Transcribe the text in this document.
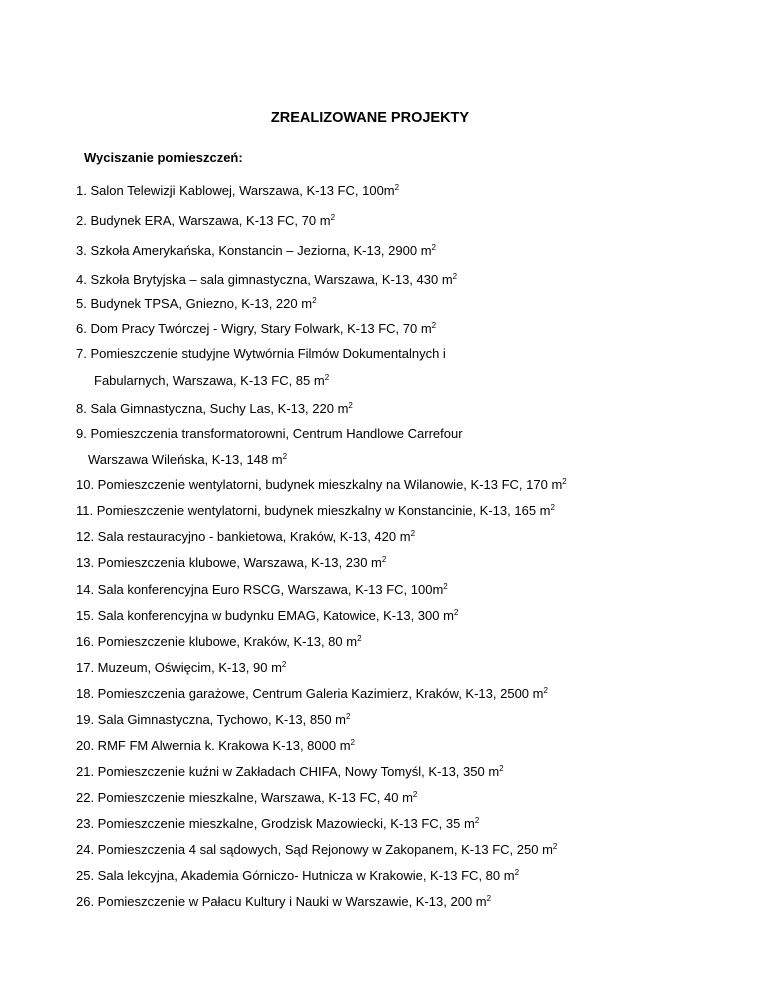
ZREALIZOWANE PROJEKTY
Wyciszanie pomieszczeń:
1. Salon Telewizji Kablowej, Warszawa, K-13 FC, $100m^2$
2. Budynek ERA, Warszawa, K-13 FC, 70 $m^2$
3. Szkoła Amerykańska, Konstancin – Jeziorna, K-13, 2900 $m^2$
4. Szkoła Brytyjska – sala gimnastyczna, Warszawa, K-13, 430 $m^2$
5. Budynek TPSA, Gniezno, K-13, 220 $m^2$
6. Dom Pracy Twórczej - Wigry, Stary Folwark, K-13 FC, 70 $m^2$
7. Pomieszczenie studyjne Wytwórnia Filmów Dokumentalnych i
Fabularnych, Warszawa, K-13 FC, 85 $m^2$
8. Sala Gimnastyczna, Suchy Las, K-13, 220 $m^2$
9. Pomieszczenia transformatorowni, Centrum Handlowe Carrefour
Warszawa Wileńska, K-13, 148 $m^2$
10. Pomieszczenie wentylatorni, budynek mieszkalny na Wilanowie, K-13 FC, 170 $m^2$
11. Pomieszczenie wentylatorni, budynek mieszkalny w Konstancinie, K-13, 165 $m^2$
12. Sala restauracyjno - bankietowa, Kraków, K-13, 420 $m^2$
13. Pomieszczenia klubowe, Warszawa, K-13, 230 $m^2$
14. Sala konferencyjna Euro RSCG, Warszawa, K-13 FC, $100m^2$
15. Sala konferencyjna w budynku EMAG, Katowice, K-13, 300 $m^2$
16. Pomieszczenie klubowe, Kraków, K-13, 80 $m^2$
17. Muzeum, Oświęcim, K-13, 90 $m^2$
18. Pomieszczenia garażowe, Centrum Galeria Kazimierz, Kraków, K-13, 2500 $m^2$
19. Sala Gimnastyczna, Tychowo, K-13, 850 $m^2$
20. RMF FM Alwernia k. Krakowa K-13, 8000 $m^2$
21. Pomieszczenie kuźni w Zakładach CHIFA, Nowy Tomyśl, K-13, 350 $m^2$
22. Pomieszczenie mieszkalne, Warszawa, K-13 FC, 40 $m^2$
23. Pomieszczenie mieszkalne, Grodzisk Mazowiecki, K-13 FC, 35 $m^2$
24. Pomieszczenia 4 sal sądowych, Sąd Rejonowy w Zakopanem, K-13 FC, 250 $m^2$
25. Sala lekcyjna, Akademia Górniczo- Hutnicza w Krakowie, K-13 FC, 80 $m^2$
26. Pomieszczenie w Pałacu Kultury i Nauki w Warszawie, K-13, 200 $m^2$
